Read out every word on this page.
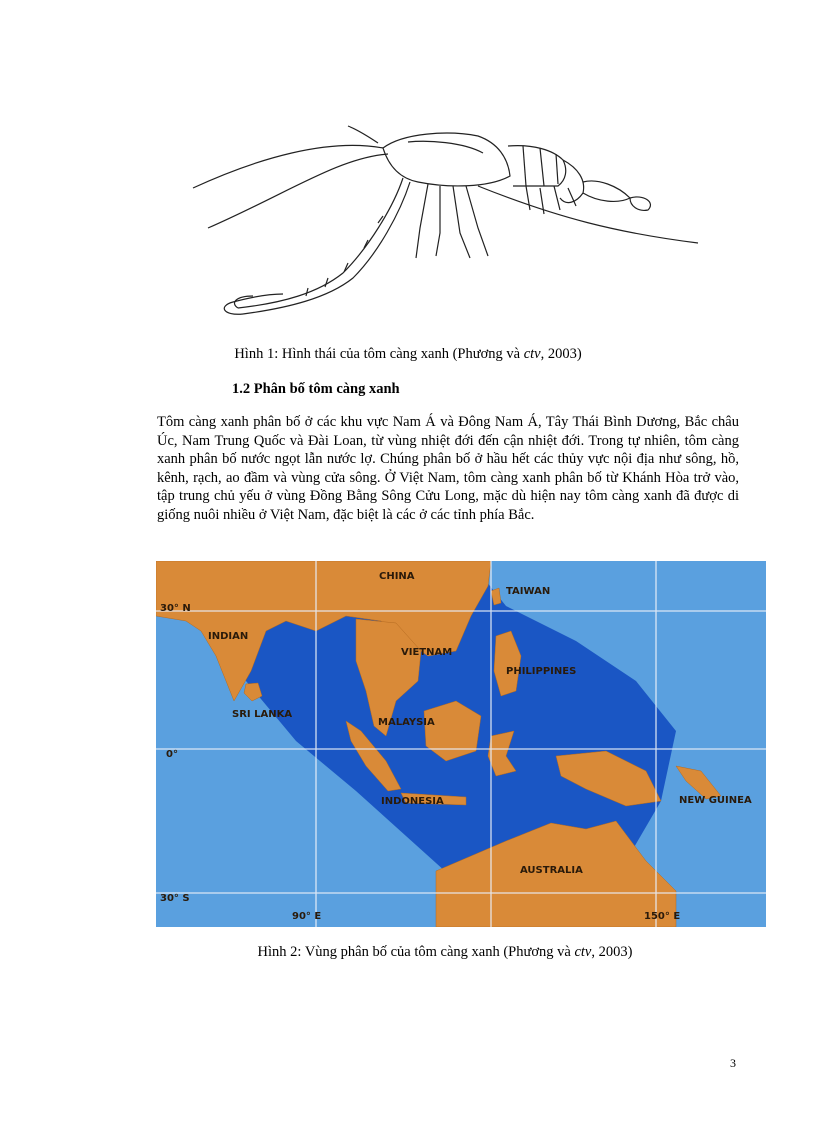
Hình 1: Hình thái của tôm càng xanh (Phương và ctv, 2003)
1.2 Phân bố tôm càng xanh
Tôm càng xanh phân bố ở các khu vực Nam Á và Đông Nam Á, Tây Thái Bình Dương, Bắc châu Úc, Nam Trung Quốc và Đài Loan, từ vùng nhiệt đới đến cận nhiệt đới. Trong tự nhiên, tôm càng xanh phân bố nước ngọt lẫn nước lợ. Chúng phân bố ở hầu hết các thủy vực nội địa như sông, hồ, kênh, rạch, ao đầm và vùng cửa sông. Ở Việt Nam, tôm càng xanh phân bố từ Khánh Hòa trở vào, tập trung chủ yếu ở vùng Đồng Bằng Sông Cửu Long, mặc dù hiện nay tôm càng xanh đã được di giống nuôi nhiều ở Việt Nam, đặc biệt là các ở các tỉnh phía Bắc.
CHINA
TAIWAN
INDIAN
VIETNAM
PHILIPPINES
SRI LANKA
MALAYSIA
INDONESIA	NEW GUINEA
AUSTRALIA
30° N
0°
30° S
90° E	150° E
Hình 2: Vùng phân bố của tôm càng xanh (Phương và ctv, 2003)
3
